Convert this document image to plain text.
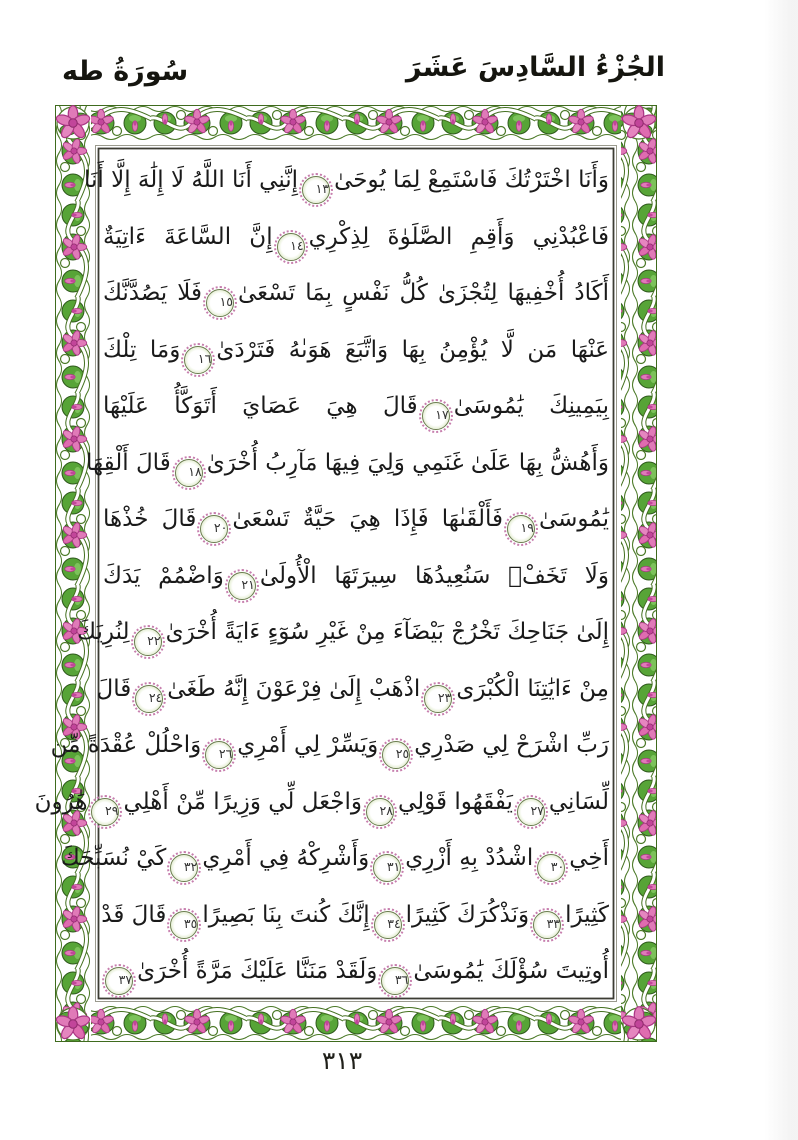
الجُزْءُ السَّادِسَ عَشَرَ
سُورَةُ طه
وَأَنَا اخْتَرْتُكَ فَاسْتَمِعْ لِمَا يُوحَىٰ١٣إِنَّنِي أَنَا اللَّهُ لَا إِلَٰهَ إِلَّا أَنَا
فَاعْبُدْنِي وَأَقِمِ الصَّلَوٰةَ لِذِكْرِي١٤إِنَّ السَّاعَةَ ءَاتِيَةٌ
أَكَادُ أُخْفِيهَا لِتُجْزَىٰ كُلُّ نَفْسٍ بِمَا تَسْعَىٰ١٥فَلَا يَصُدَّنَّكَ
عَنْهَا مَن لَّا يُؤْمِنُ بِهَا وَاتَّبَعَ هَوَىٰهُ فَتَرْدَىٰ١٦وَمَا تِلْكَ
بِيَمِينِكَ يَٰمُوسَىٰ١٧قَالَ هِيَ عَصَايَ أَتَوَكَّأُ عَلَيْهَا
وَأَهُشُّ بِهَا عَلَىٰ غَنَمِي وَلِيَ فِيهَا مَآرِبُ أُخْرَىٰ١٨قَالَ أَلْقِهَا
يَٰمُوسَىٰ١٩فَأَلْقَىٰهَا فَإِذَا هِيَ حَيَّةٌ تَسْعَىٰ٢٠قَالَ خُذْهَا
وَلَا تَخَفْۖ سَنُعِيدُهَا سِيرَتَهَا الْأُولَىٰ٢١وَاضْمُمْ يَدَكَ
إِلَىٰ جَنَاحِكَ تَخْرُجْ بَيْضَآءَ مِنْ غَيْرِ سُوٓءٍ ءَايَةً أُخْرَىٰ٢٢لِنُرِيَكَ
مِنْ ءَايَٰتِنَا الْكُبْرَى٢٣اذْهَبْ إِلَىٰ فِرْعَوْنَ إِنَّهُ طَغَىٰ٢٤قَالَ
رَبِّ اشْرَحْ لِي صَدْرِي٢٥وَيَسِّرْ لِي أَمْرِي٢٦وَاحْلُلْ عُقْدَةً مِّن
لِّسَانِي٢٧يَفْقَهُوا قَوْلِي٢٨وَاجْعَل لِّي وَزِيرًا مِّنْ أَهْلِي٢٩هَٰرُونَ
أَخِي٣٠اشْدُدْ بِهِ أَزْرِي٣١وَأَشْرِكْهُ فِي أَمْرِي٣٢كَيْ نُسَبِّحَكَ
كَثِيرًا٣٣وَنَذْكُرَكَ كَثِيرًا٣٤إِنَّكَ كُنتَ بِنَا بَصِيرًا٣٥قَالَ قَدْ
أُوتِيتَ سُؤْلَكَ يَٰمُوسَىٰ٣٦وَلَقَدْ مَنَنَّا عَلَيْكَ مَرَّةً أُخْرَىٰ٣٧
٣١٣
